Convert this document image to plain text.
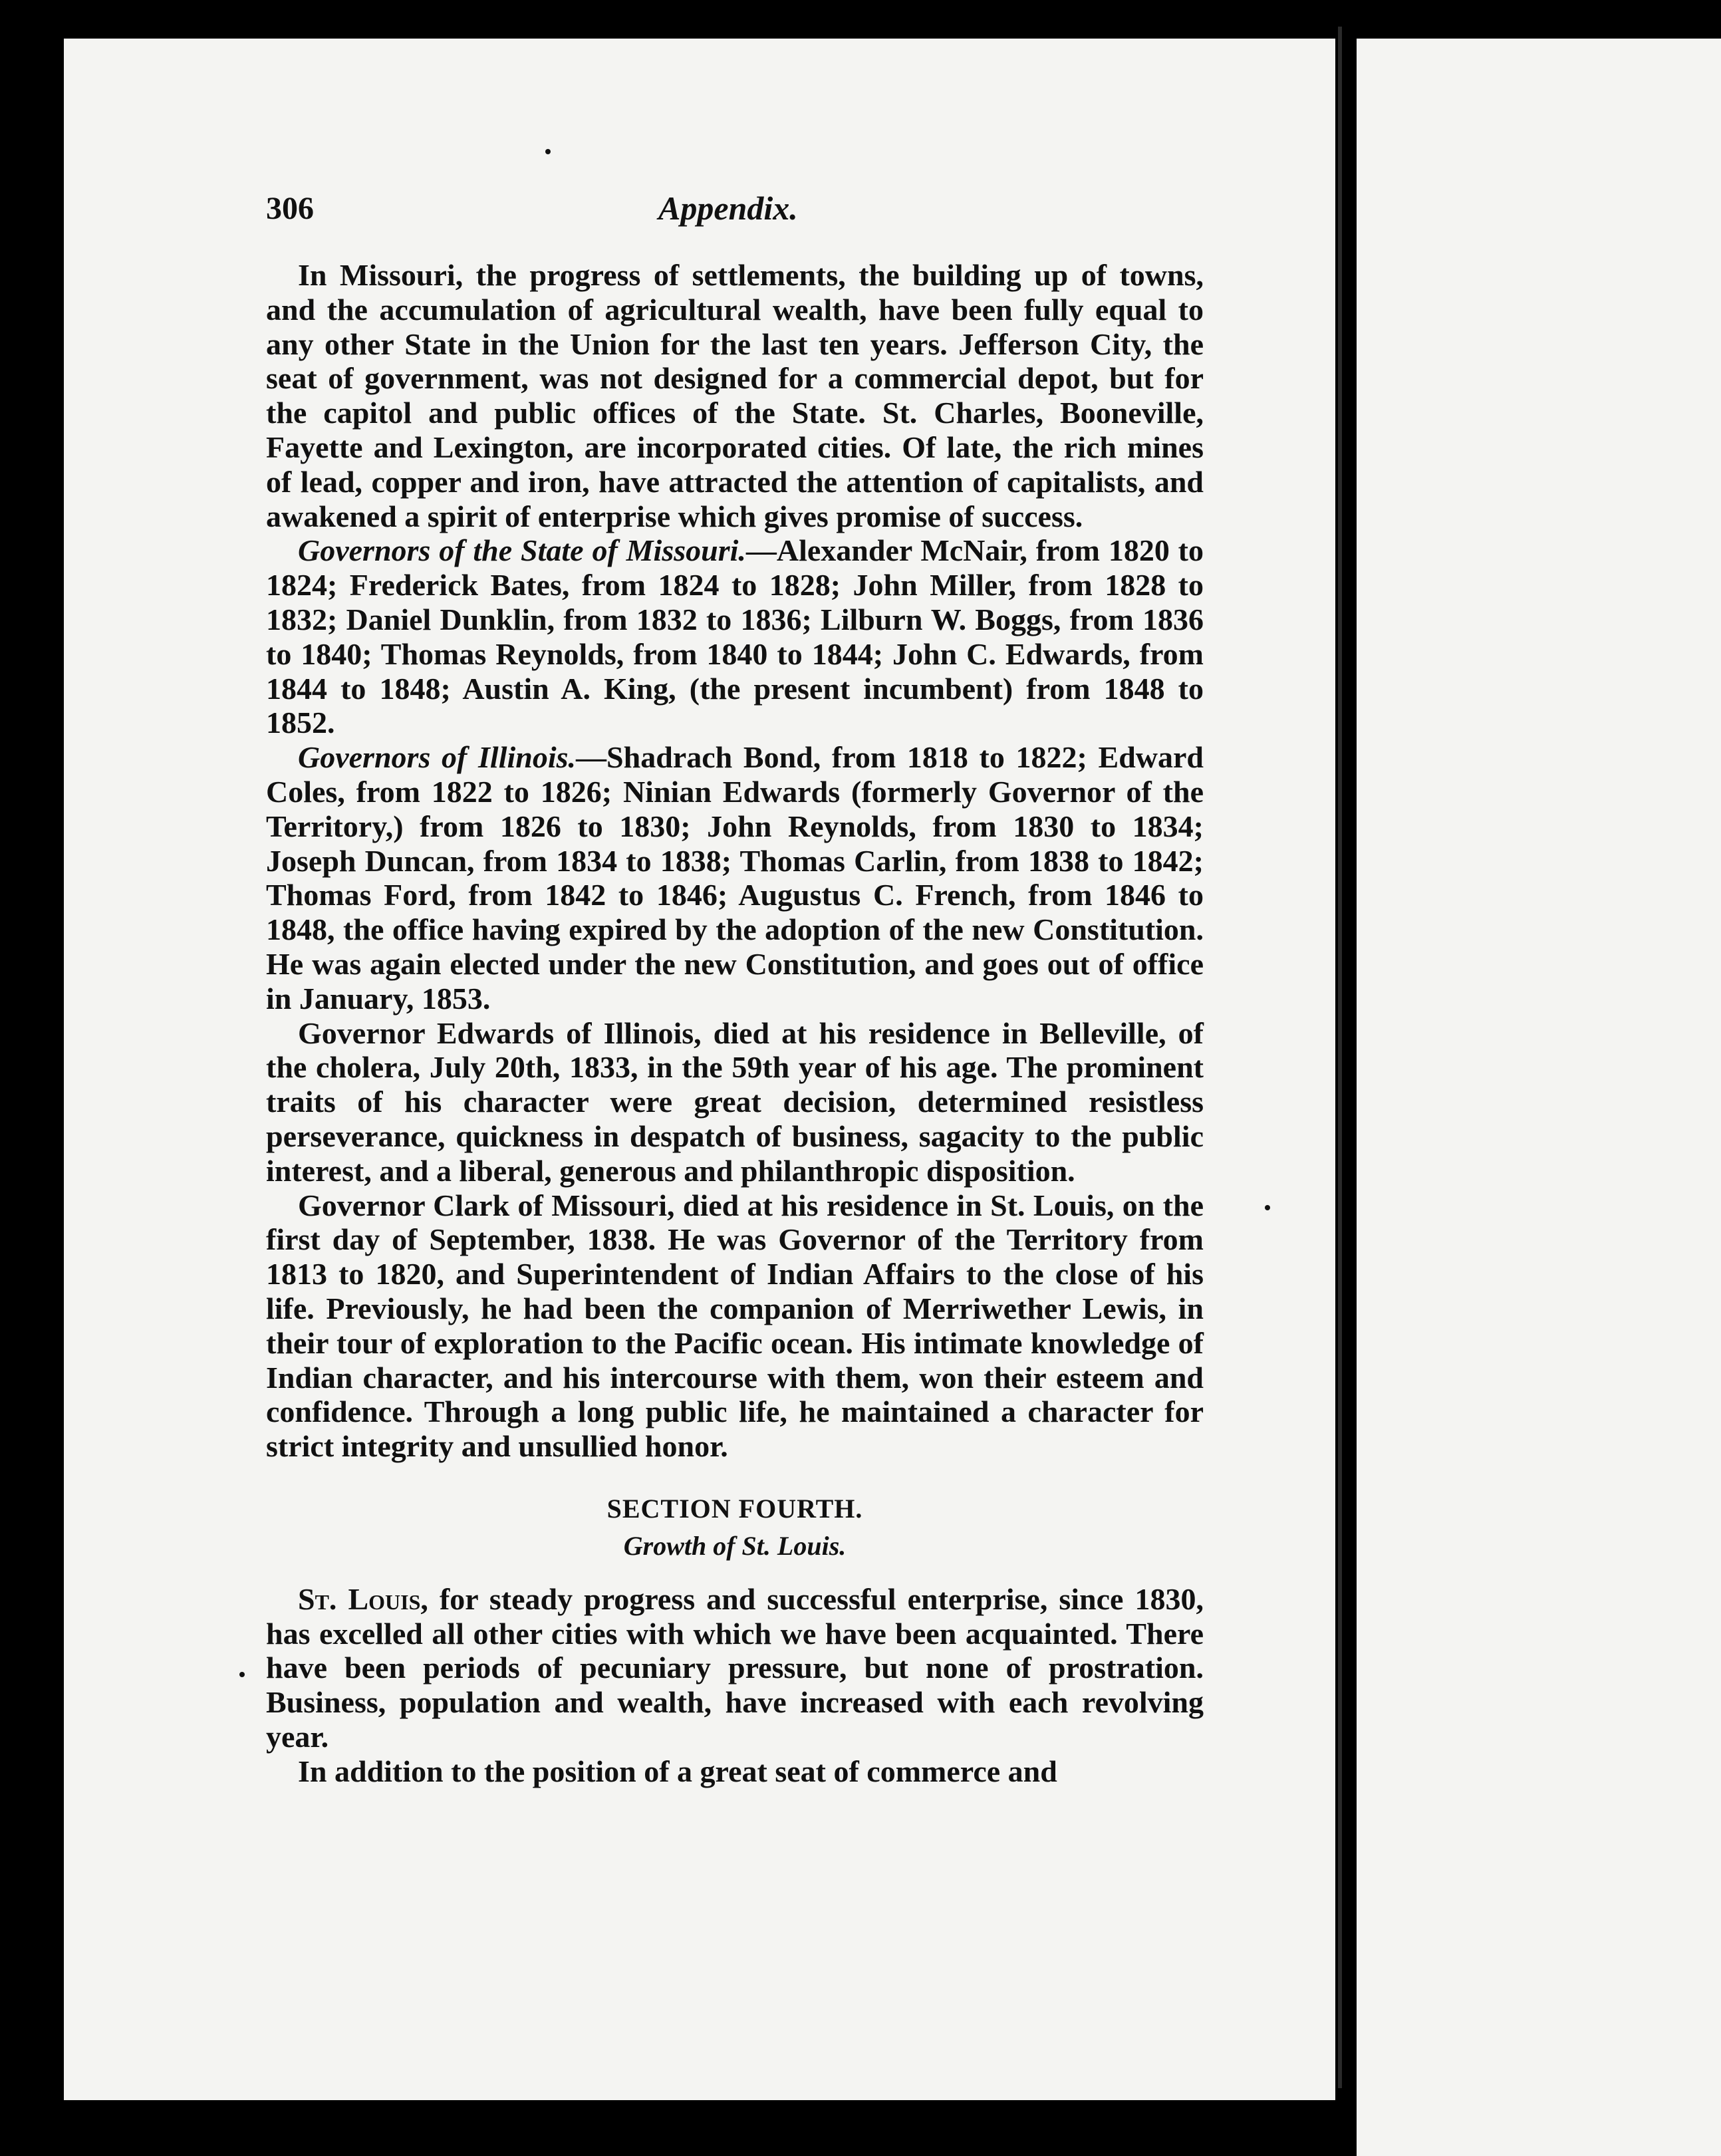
306	Appendix.

In Missouri, the progress of settlements, the building up of towns, and the accumulation of agricultural wealth, have been fully equal to any other State in the Union for the last ten years. Jefferson City, the seat of government, was not designed for a commercial depot, but for the capitol and public offices of the State. St. Charles, Booneville, Fayette and Lexington, are incorporated cities. Of late, the rich mines of lead, copper and iron, have attracted the attention of capitalists, and awakened a spirit of enterprise which gives promise of success.

Governors of the State of Missouri.—Alexander McNair, from 1820 to 1824; Frederick Bates, from 1824 to 1828; John Miller, from 1828 to 1832; Daniel Dunklin, from 1832 to 1836; Lilburn W. Boggs, from 1836 to 1840; Thomas Reynolds, from 1840 to 1844; John C. Edwards, from 1844 to 1848; Austin A. King, (the present incumbent) from 1848 to 1852.

Governors of Illinois.—Shadrach Bond, from 1818 to 1822; Edward Coles, from 1822 to 1826; Ninian Edwards (formerly Governor of the Territory,) from 1826 to 1830; John Reynolds, from 1830 to 1834; Joseph Duncan, from 1834 to 1838; Thomas Carlin, from 1838 to 1842; Thomas Ford, from 1842 to 1846; Augustus C. French, from 1846 to 1848, the office having expired by the adoption of the new Constitution. He was again elected under the new Constitution, and goes out of office in January, 1853.

Governor Edwards of Illinois, died at his residence in Belleville, of the cholera, July 20th, 1833, in the 59th year of his age. The prominent traits of his character were great decision, determined resistless perseverance, quickness in despatch of business, sagacity to the public interest, and a liberal, generous and philanthropic disposition.

Governor Clark of Missouri, died at his residence in St. Louis, on the first day of September, 1838. He was Governor of the Territory from 1813 to 1820, and Superintendent of Indian Affairs to the close of his life. Previously, he had been the companion of Merriwether Lewis, in their tour of exploration to the Pacific ocean. His intimate knowledge of Indian character, and his intercourse with them, won their esteem and confidence. Through a long public life, he maintained a character for strict integrity and unsullied honor.

SECTION FOURTH.
Growth of St. Louis.

St. Louis, for steady progress and successful enterprise, since 1830, has excelled all other cities with which we have been acquainted. There have been periods of pecuniary pressure, but none of prostration. Business, population and wealth, have increased with each revolving year.

In addition to the position of a great seat of commerce and
